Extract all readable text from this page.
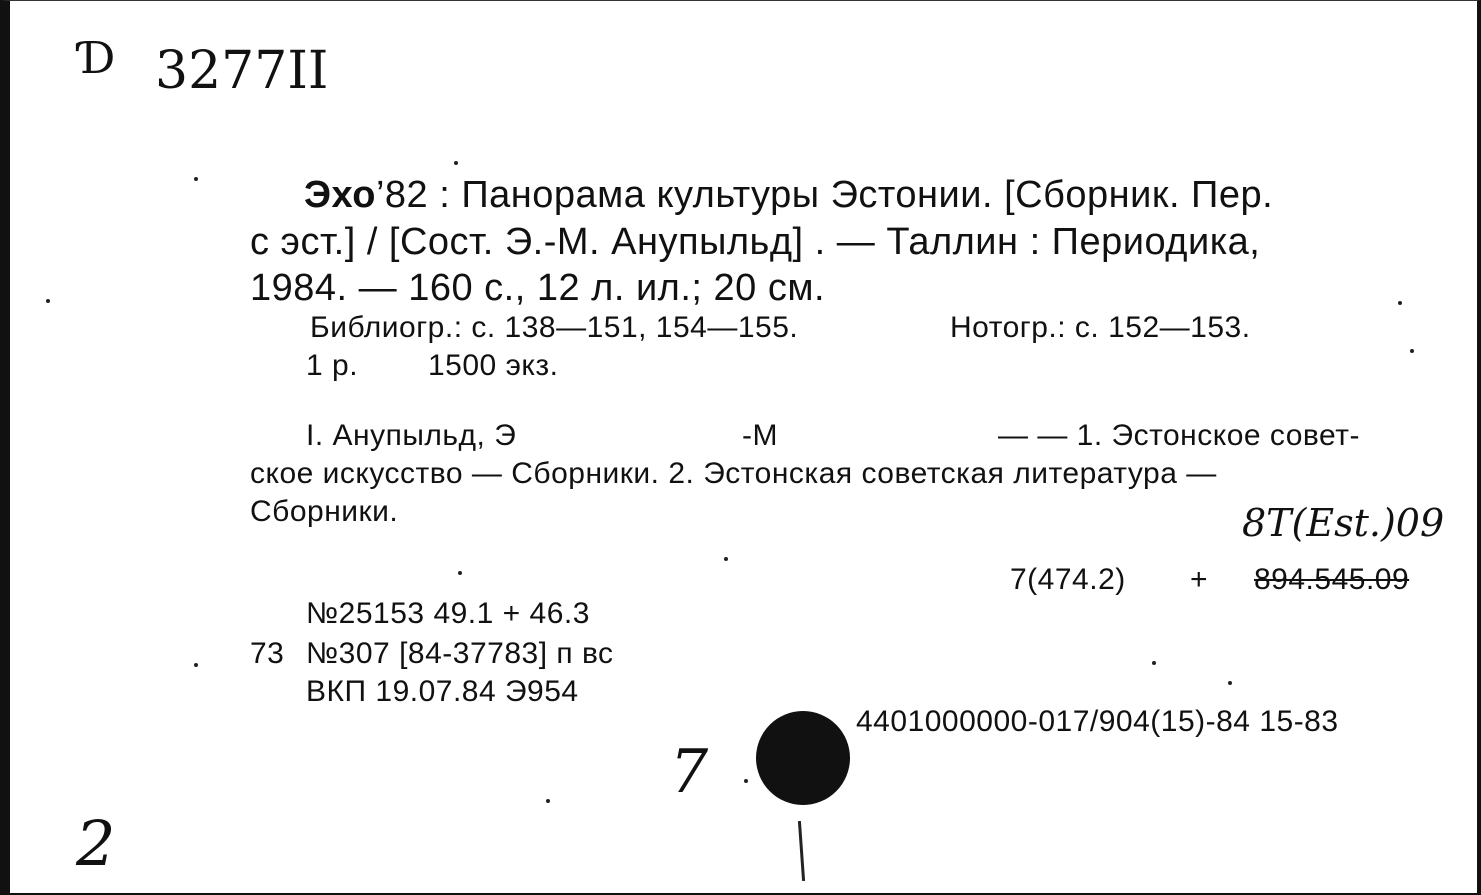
Ɗ 3277II
Эхо’82 : Панорама культуры Эстонии. [Сборник. Пер.
с эст.] / [Сост. Э.-М. Анупыльд] . — Таллин : Периодика,
1984. — 160 с., 12 л. ил.; 20 см.
Библиогр.: с. 138—151, 154—155.	Нотогр.: с. 152—153.
1 р. 1500 экз.
I. Анупыльд, Э	-М	— — 1. Эстонское совет-
ское искусство — Сборники. 2. Эстонская советская литература —
Сборники.	8T(Est.)09
7(474.2) + 894.545.09
№25153 49.1 + 46.3
73 №307 [84-37783] п вс
ВКП 19.07.84 Э954
4401000000-017/904(15)-84 15-83
7
2
